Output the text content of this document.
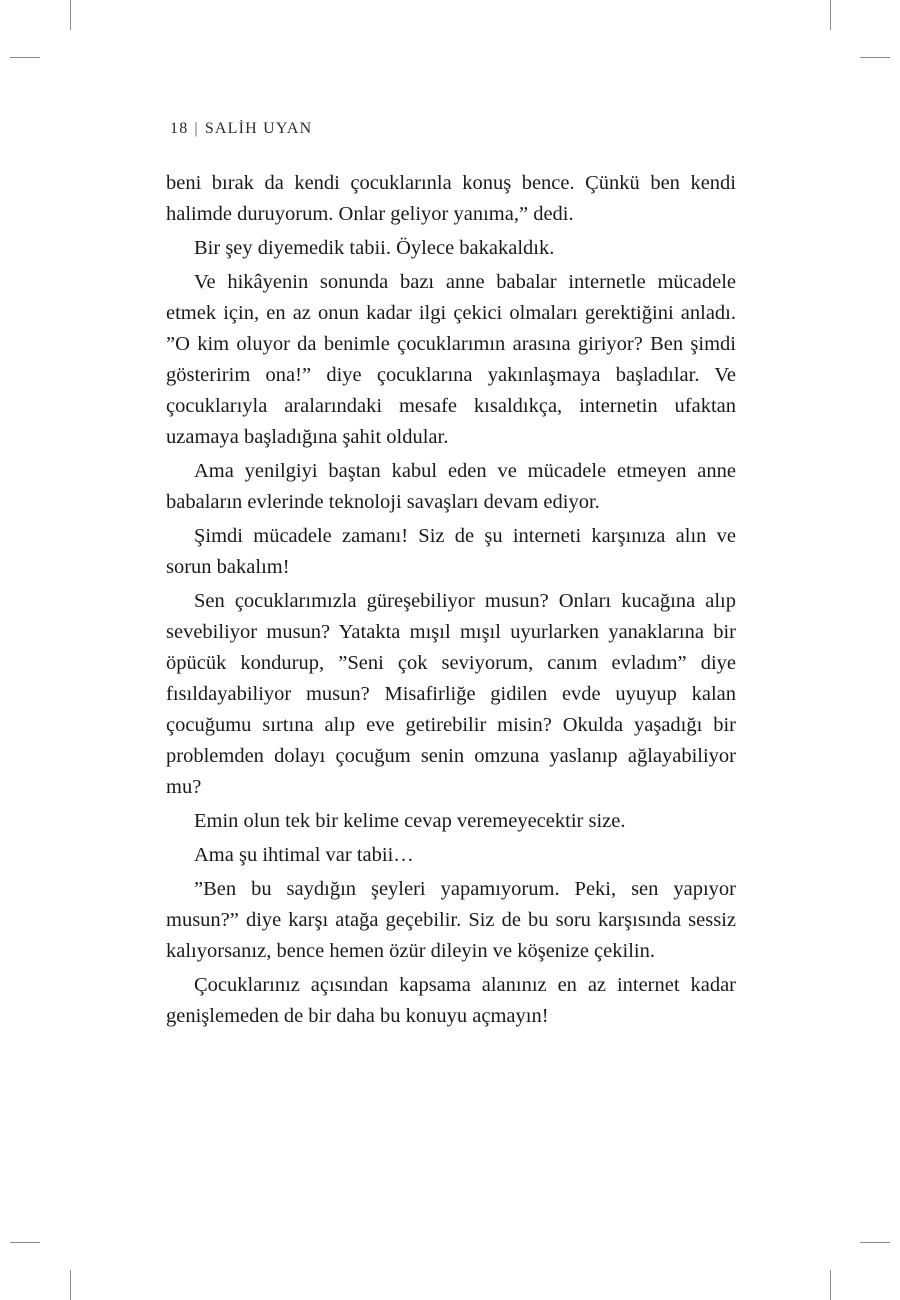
18 | SALİH UYAN

beni bırak da kendi çocuklarınla konuş bence. Çünkü ben kendi halimde duruyorum. Onlar geliyor yanıma,” dedi.

Bir şey diyemedik tabii. Öylece bakakaldık.

Ve hikâyenin sonunda bazı anne babalar internetle mücadele etmek için, en az onun kadar ilgi çekici olmaları gerektiğini anladı. ”O kim oluyor da benimle çocuklarımın arasına giriyor? Ben şimdi gösteririm ona!” diye çocuklarına yakınlaşmaya başladılar. Ve çocuklarıyla aralarındaki mesafe kısaldıkça, internetin ufaktan uzamaya başladığına şahit oldular.

Ama yenilgiyi baştan kabul eden ve mücadele etmeyen anne babaların evlerinde teknoloji savaşları devam ediyor.

Şimdi mücadele zamanı! Siz de şu interneti karşınıza alın ve sorun bakalım!

Sen çocuklarımızla güreşebiliyor musun? Onları kucağına alıp sevebiliyor musun? Yatakta mışıl mışıl uyurlarken yanaklarına bir öpücük kondurup, ”Seni çok seviyorum, canım evladım” diye fısıldayabiliyor musun? Misafirliğe gidilen evde uyuyup kalan çocuğumu sırtına alıp eve getirebilir misin? Okulda yaşadığı bir problemden dolayı çocuğum senin omzuna yaslanıp ağlayabiliyor mu?

Emin olun tek bir kelime cevap veremeyecektir size.

Ama şu ihtimal var tabii…

”Ben bu saydığın şeyleri yapamıyorum. Peki, sen yapıyor musun?” diye karşı atağa geçebilir. Siz de bu soru karşısında sessiz kalıyorsanız, bence hemen özür dileyin ve köşenize çekilin.

Çocuklarınız açısından kapsama alanınız en az internet kadar genişlemeden de bir daha bu konuyu açmayın!
